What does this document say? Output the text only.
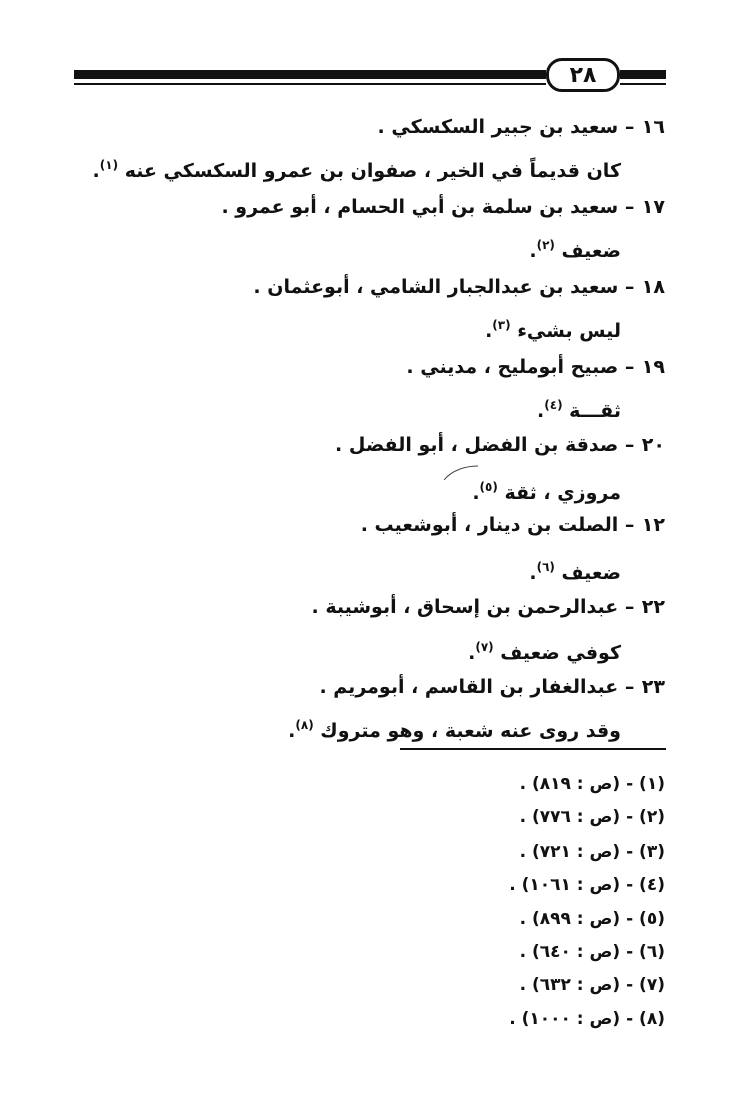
٢٨
١٦ – سعيد بن جبير السكسكي .
كان قديماً في الخير ، صفوان بن عمرو السكسكي عنه $^{(١)}$.
١٧ – سعيد بن سلمة بن أبي الحسام ، أبو عمرو .
ضعيف $^{(٢)}$.
١٨ – سعيد بن عبدالجبار الشامي ، أبوعثمان .
ليس بشيء $^{(٣)}$.
١٩ – صبيح أبومليح ، مديني .
ثقـــة $^{(٤)}$.
٢٠ – صدقة بن الفضل ، أبو الفضل .
مروزي ، ثقة $^{(٥)}$.
١٢ – الصلت بن دينار ، أبوشعيب .
ضعيف $^{(٦)}$.
٢٢ – عبدالرحمن بن إسحاق ، أبوشيبة .
كوفي ضعيف $^{(٧)}$.
٢٣ – عبدالغفار بن القاسم ، أبومريم .
وقد روى عنه شعبة ، وهو متروك $^{(٨)}$.
(١) - (ص : ٨١٩) .
(٢) - (ص : ٧٧٦) .
(٣) - (ص : ٧٢١) .
(٤) - (ص : ١٠٦١) .
(٥) - (ص : ٨٩٩) .
(٦) - (ص : ٦٤٠) .
(٧) - (ص : ٦٣٢) .
(٨) - (ص : ١٠٠٠) .
